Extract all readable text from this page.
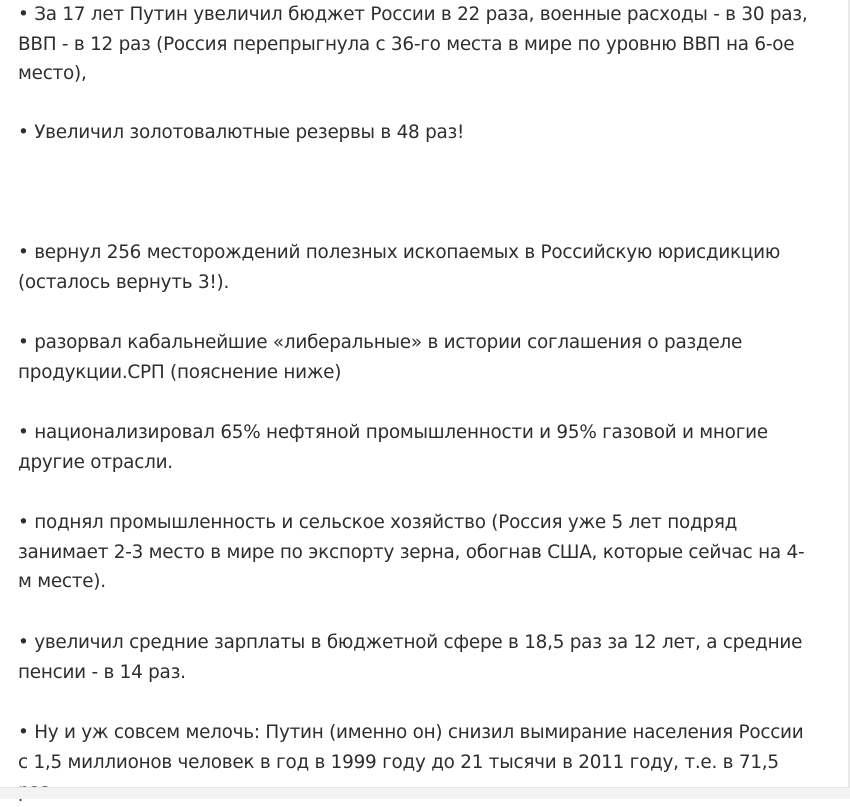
• За 17 лет Путин увеличил бюджет России в 22 раза, военные расходы - в 30 раз,
ВВП - в 12 раз (Россия перепрыгнула с 36-го места в мире по уровню ВВП на 6-ое
место),
• Увеличил золотовалютные резервы в 48 раз!
• вернул 256 месторождений полезных ископаемых в Российскую юрисдикцию
(осталось вернуть 3!).
• разорвал кабальнейшие «либеральные» в истории соглашения о разделе
продукции.СРП (пояснение ниже)
• национализировал 65% нефтяной промышленности и 95% газовой и многие
другие отрасли.
• поднял промышленность и сельское хозяйство (Россия уже 5 лет подряд
занимает 2-3 место в мире по экспорту зерна, обогнав США, которые сейчас на 4-
м месте).
• увеличил средние зарплаты в бюджетной сфере в 18,5 раз за 12 лет, а средние
пенсии - в 14 раз.
• Ну и уж совсем мелочь: Путин (именно он) снизил вымирание населения России
с 1,5 миллионов человек в год в 1999 году до 21 тысячи в 2011 году, т.е. в 71,5
